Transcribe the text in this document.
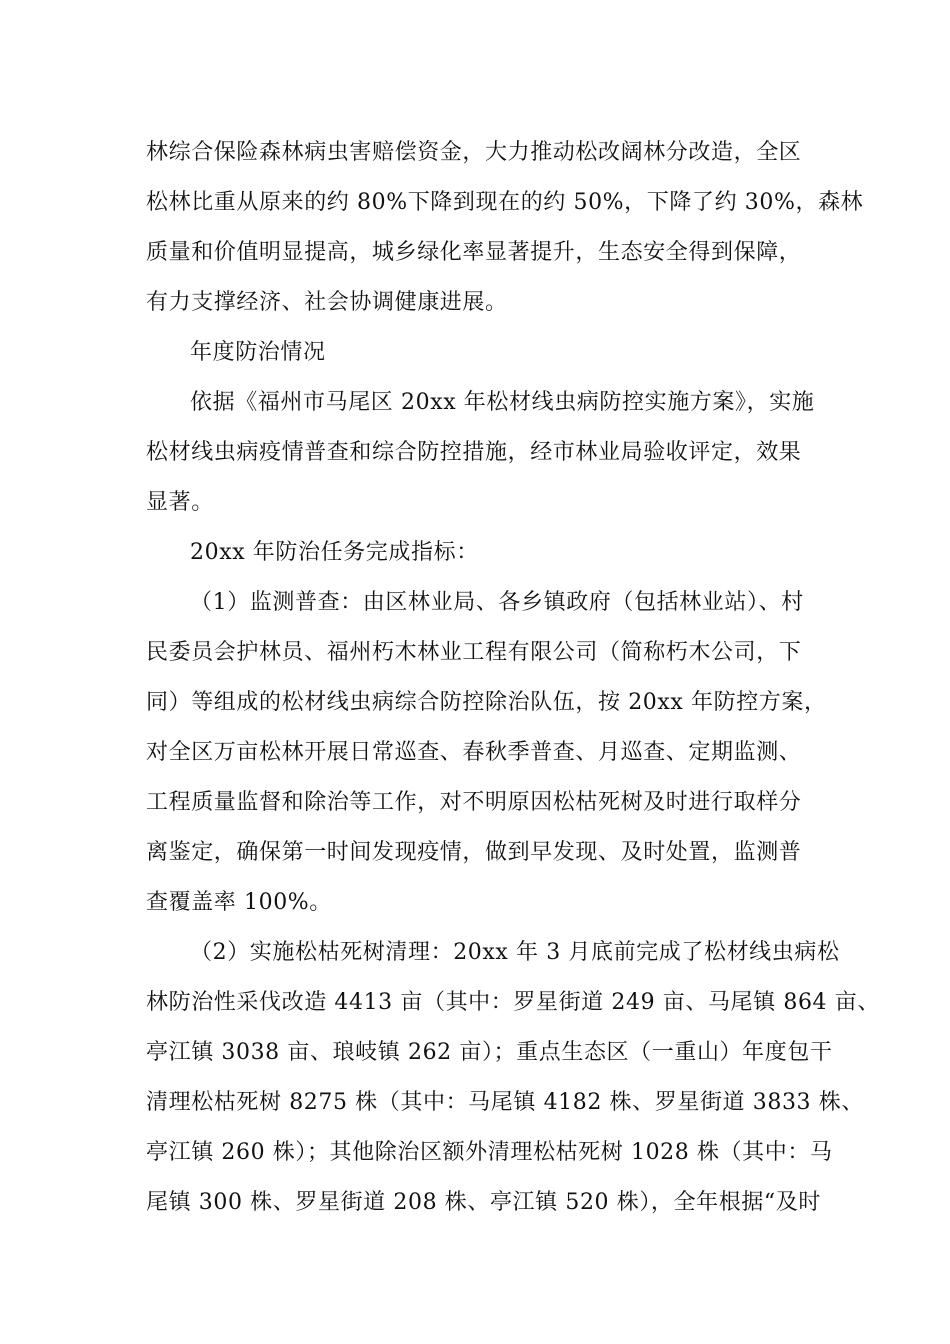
林综合保险森林病虫害赔偿资金，大力推动松改阔林分改造，全区
松林比重从原来的约 80%下降到现在的约 50%，下降了约 30%，森林
质量和价值明显提高，城乡绿化率显著提升，生态安全得到保障，
有力支撑经济、社会协调健康进展。
年度防治情况
依据《福州市马尾区 20xx 年松材线虫病防控实施方案》，实施
松材线虫病疫情普查和综合防控措施，经市林业局验收评定，效果
显著。
20xx 年防治任务完成指标：
（1）监测普查：由区林业局、各乡镇政府（包括林业站）、村
民委员会护林员、福州朽木林业工程有限公司（简称朽木公司，下
同）等组成的松材线虫病综合防控除治队伍，按 20xx 年防控方案，
对全区万亩松林开展日常巡查、春秋季普查、月巡查、定期监测、
工程质量监督和除治等工作，对不明原因松枯死树及时进行取样分
离鉴定，确保第一时间发现疫情，做到早发现、及时处置，监测普
查覆盖率 100%。
（2）实施松枯死树清理：20xx 年 3 月底前完成了松材线虫病松
林防治性采伐改造 4413 亩（其中：罗星街道 249 亩、马尾镇 864 亩、
亭江镇 3038 亩、琅岐镇 262 亩）；重点生态区（一重山）年度包干
清理松枯死树 8275 株（其中：马尾镇 4182 株、罗星街道 3833 株、
亭江镇 260 株）；其他除治区额外清理松枯死树 1028 株（其中：马
尾镇 300 株、罗星街道 208 株、亭江镇 520 株），全年根据“及时
